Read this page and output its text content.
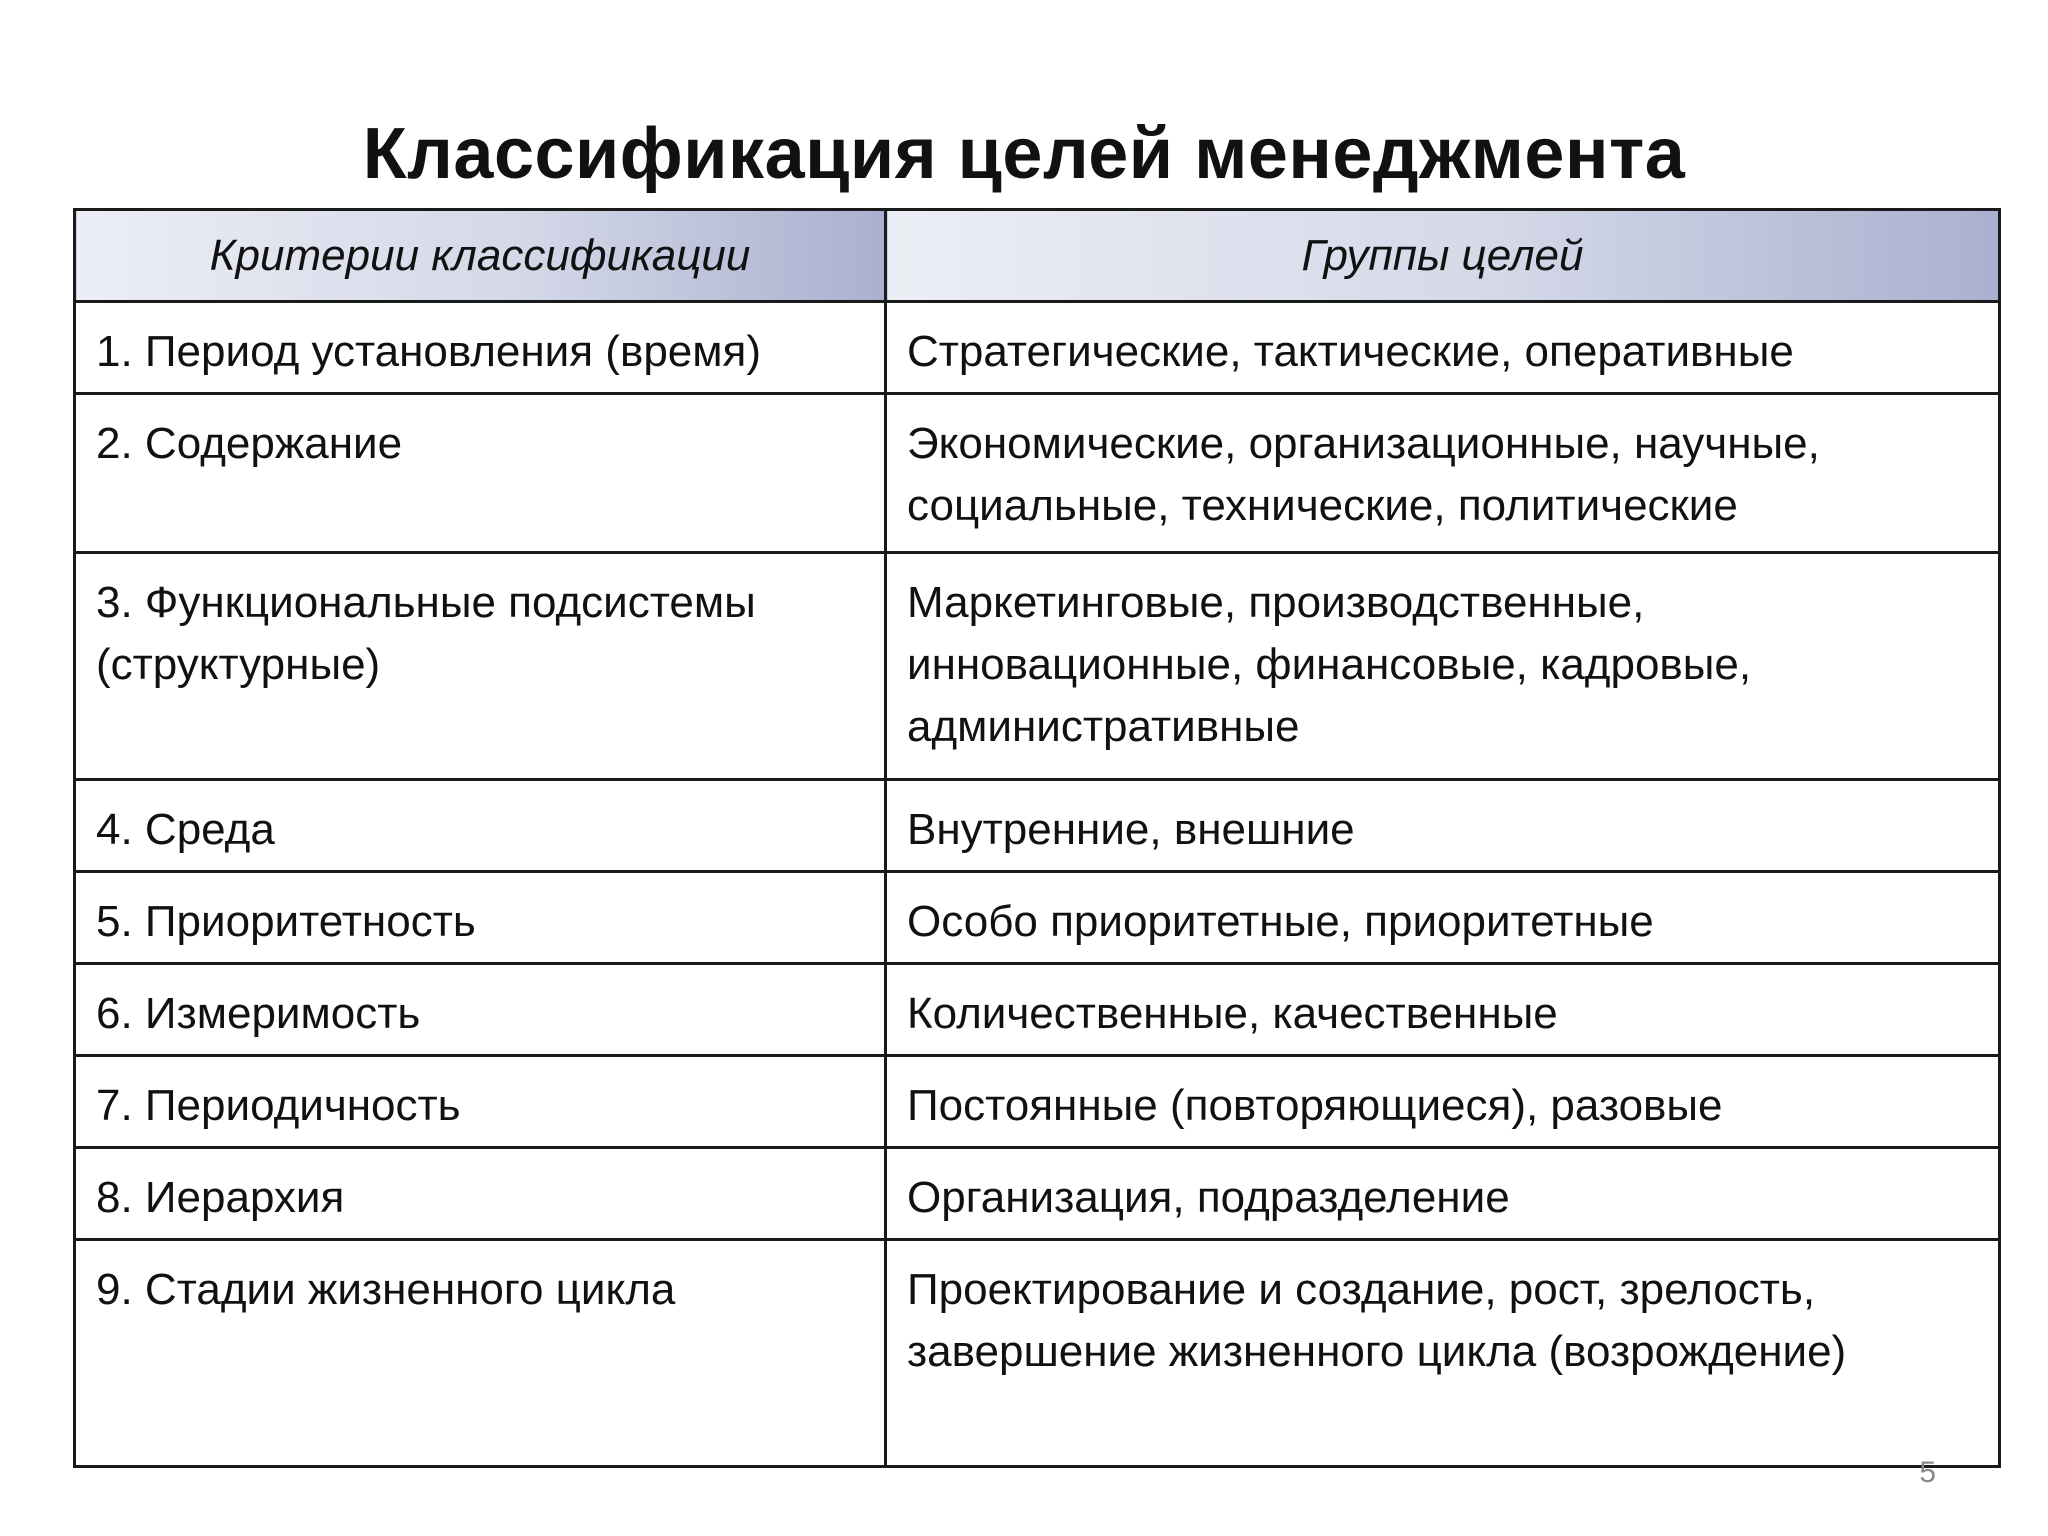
Классификация целей менеджмента
Критерии классификации	Группы целей
1. Период установления (время)	Стратегические, тактические, оперативные
2. Содержание	Экономические, организационные, научные, социальные, технические, политические
3. Функциональные подсистемы (структурные)	Маркетинговые, производственные, инновационные, финансовые, кадровые, административные
4. Среда	Внутренние, внешние
5. Приоритетность	Особо приоритетные, приоритетные
6. Измеримость	Количественные, качественные
7. Периодичность	Постоянные (повторяющиеся), разовые
8. Иерархия	Организация, подразделение
9. Стадии жизненного цикла	Проектирование и создание, рост, зрелость, завершение жизненного цикла (возрождение)
5
